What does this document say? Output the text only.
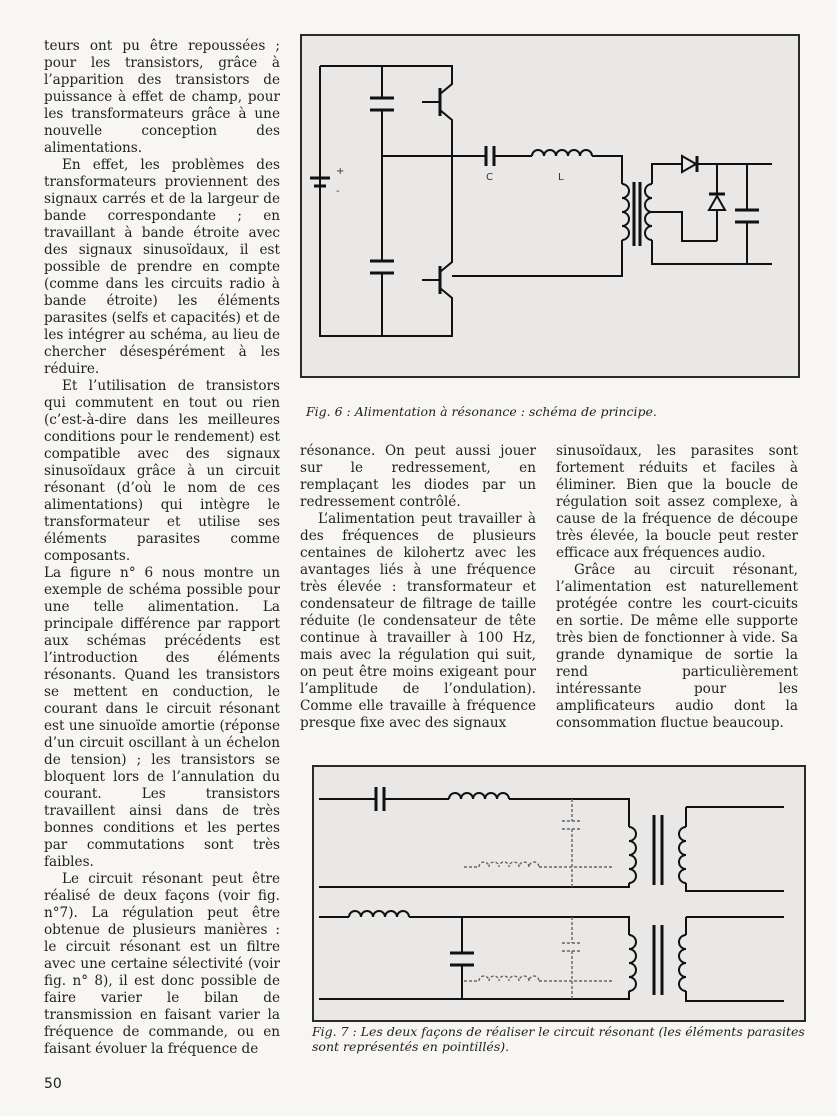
teurs ont pu être repoussées ; pour les transistors, grâce à l’apparition des transistors de puissance à effet de champ, pour les transformateurs grâce à une nouvelle conception des alimentations.

En effet, les problèmes des transformateurs proviennent des signaux carrés et de la largeur de bande correspondante ; en travaillant à bande étroite avec des signaux sinusoïdaux, il est possible de prendre en compte (comme dans les circuits radio à bande étroite) les éléments parasites (selfs et capacités) et de les intégrer au schéma, au lieu de chercher désespérément à les réduire.

Et l’utilisation de transistors qui commutent en tout ou rien (c’est-à-dire dans les meilleures conditions pour le rendement) est compatible avec des signaux sinusoïdaux grâce à un circuit résonant (d’où le nom de ces alimentations) qui intègre le transformateur et utilise ses éléments parasites comme composants.

La figure n° 6 nous montre un exemple de schéma possible pour une telle alimentation. La principale différence par rapport aux schémas précédents est l’introduction des éléments résonants. Quand les transistors se mettent en conduction, le courant dans le circuit résonant est une sinuoïde amortie (réponse d’un circuit oscillant à un échelon de tension) ; les transistors se bloquent lors de l’annulation du courant. Les transistors travaillent ainsi dans de très bonnes conditions et les pertes par commutations sont très faibles.

Le circuit résonant peut être réalisé de deux façons (voir fig. n°7). La régulation peut être obtenue de plusieurs manières : le circuit résonant est un filtre avec une certaine sélectivité (voir fig. n° 8), il est donc possible de faire varier le bilan de transmission en faisant varier la fréquence de commande, ou en faisant évoluer la fréquence de

résonance. On peut aussi jouer sur le redressement, en remplaçant les diodes par un redressement contrôlé.

L’alimentation peut travailler à des fréquences de plusieurs centaines de kilohertz avec les avantages liés à une fréquence très élevée : transformateur et condensateur de filtrage de taille réduite (le condensateur de tête continue à travailler à 100 Hz, mais avec la régulation qui suit, on peut être moins exigeant pour l’amplitude de l’ondulation). Comme elle travaille à fréquence presque fixe avec des signaux

sinusoïdaux, les parasites sont fortement réduits et faciles à éliminer. Bien que la boucle de régulation soit assez complexe, à cause de la fréquence de découpe très élevée, la boucle peut rester efficace aux fréquences audio.

Grâce au circuit résonant, l’alimentation est naturellement protégée contre les court-cicuits en sortie. De même elle supporte très bien de fonctionner à vide. Sa grande dynamique de sortie la rend particulièrement intéressante pour les amplificateurs audio dont la consommation fluctue beaucoup.

+
-
C	L
Fig. 6 : Alimentation à résonance : schéma de principe.
Fig. 7 : Les deux façons de réaliser le circuit résonant (les éléments parasites sont représentés en pointillés).
50
